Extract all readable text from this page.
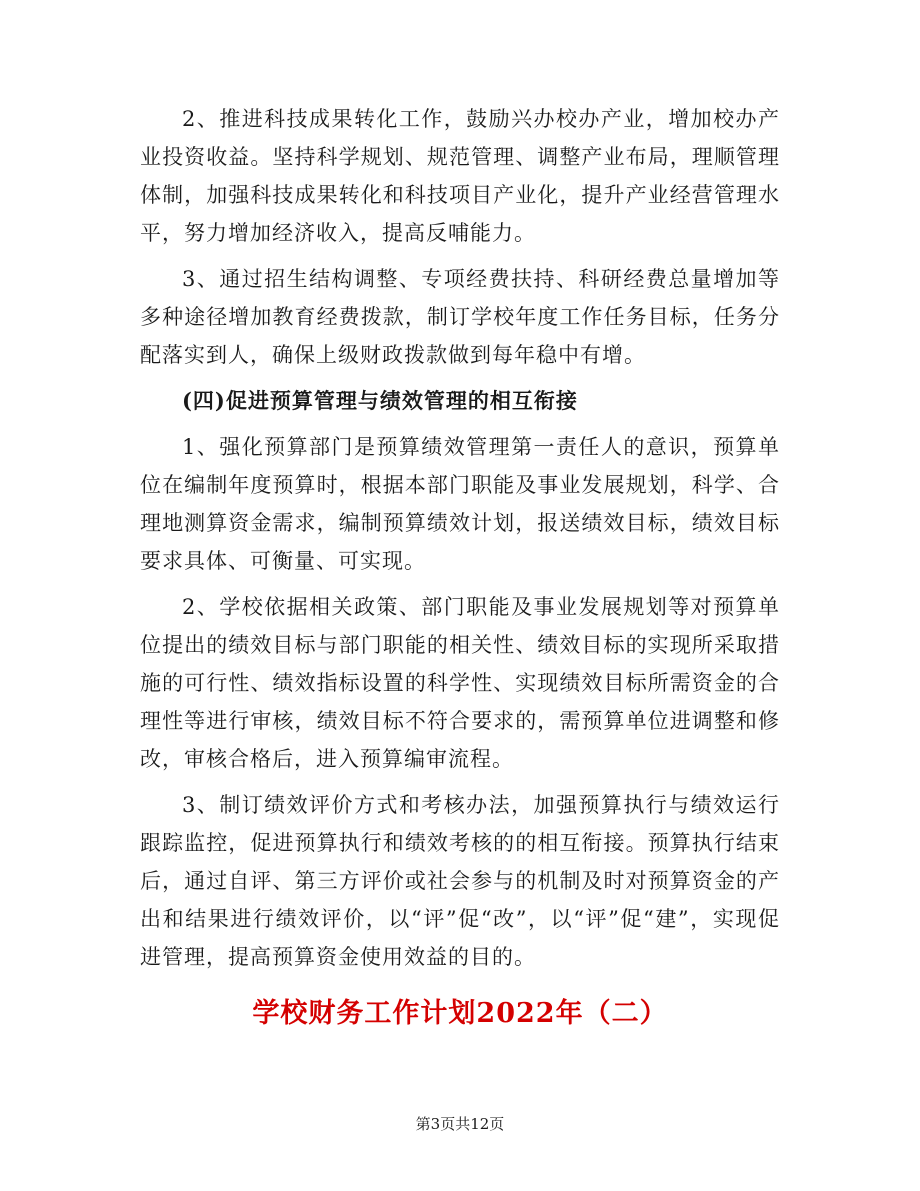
2、推进科技成果转化工作，鼓励兴办校办产业，增加校办产业投资收益。坚持科学规划、规范管理、调整产业布局，理顺管理体制，加强科技成果转化和科技项目产业化，提升产业经营管理水平，努力增加经济收入，提高反哺能力。

3、通过招生结构调整、专项经费扶持、科研经费总量增加等多种途径增加教育经费拨款，制订学校年度工作任务目标，任务分配落实到人，确保上级财政拨款做到每年稳中有增。

(四)促进预算管理与绩效管理的相互衔接

1、强化预算部门是预算绩效管理第一责任人的意识，预算单位在编制年度预算时，根据本部门职能及事业发展规划，科学、合理地测算资金需求，编制预算绩效计划，报送绩效目标，绩效目标要求具体、可衡量、可实现。

2、学校依据相关政策、部门职能及事业发展规划等对预算单位提出的绩效目标与部门职能的相关性、绩效目标的实现所采取措施的可行性、绩效指标设置的科学性、实现绩效目标所需资金的合理性等进行审核，绩效目标不符合要求的，需预算单位进调整和修改，审核合格后，进入预算编审流程。

3、制订绩效评价方式和考核办法，加强预算执行与绩效运行跟踪监控，促进预算执行和绩效考核的的相互衔接。预算执行结束后，通过自评、第三方评价或社会参与的机制及时对预算资金的产出和结果进行绩效评价，以“评”促“改”，以“评”促“建”，实现促进管理，提高预算资金使用效益的目的。

学校财务工作计划2022年（二）
第3页共12页
